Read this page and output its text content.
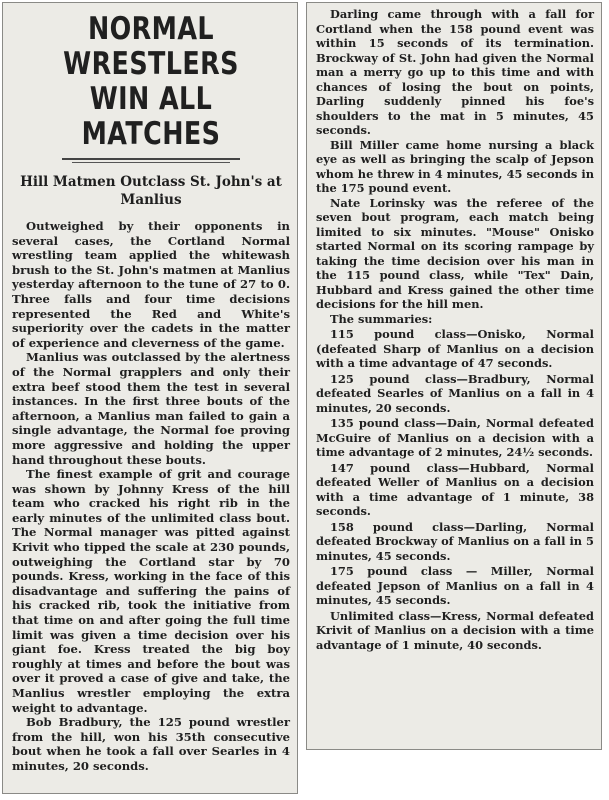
NORMAL WRESTLERS
WIN ALL MATCHES
Hill Matmen Outclass St. John's at Manlius

Outweighed by their opponents in several cases, the Cortland Normal wrestling team applied the whitewash brush to the St. John's matmen at Manlius yesterday afternoon to the tune of 27 to 0. Three falls and four time decisions represented the Red and White's superiority over the cadets in the matter of experience and cleverness of the game.

Manlius was outclassed by the alertness of the Normal grapplers and only their extra beef stood them the test in several instances. In the first three bouts of the afternoon, a Manlius man failed to gain a single advantage, the Normal foe proving more aggressive and holding the upper hand throughout these bouts.

The finest example of grit and courage was shown by Johnny Kress of the hill team who cracked his right rib in the early minutes of the unlimited class bout. The Normal manager was pitted against Krivit who tipped the scale at 230 pounds, outweighing the Cortland star by 70 pounds. Kress, working in the face of this disadvantage and suffering the pains of his cracked rib, took the initiative from that time on and after going the full time limit was given a time decision over his giant foe. Kress treated the big boy roughly at times and before the bout was over it proved a case of give and take, the Manlius wrestler employing the extra weight to advantage.

Bob Bradbury, the 125 pound wrestler from the hill, won his 35th consecutive bout when he took a fall over Searles in 4 minutes, 20 seconds.

Darling came through with a fall for Cortland when the 158 pound event was within 15 seconds of its termination. Brockway of St. John had given the Normal man a merry go up to this time and with chances of losing the bout on points, Darling suddenly pinned his foe's shoulders to the mat in 5 minutes, 45 seconds.

Bill Miller came home nursing a black eye as well as bringing the scalp of Jepson whom he threw in 4 minutes, 45 seconds in the 175 pound event.

Nate Lorinsky was the referee of the seven bout program, each match being limited to six minutes. "Mouse" Onisko started Normal on its scoring rampage by taking the time decision over his man in the 115 pound class, while "Tex" Dain, Hubbard and Kress gained the other time decisions for the hill men.

The summaries:

115 pound class—Onisko, Normal (defeated Sharp of Manlius on a decision with a time advantage of 47 seconds.

125 pound class—Bradbury, Normal defeated Searles of Manlius on a fall in 4 minutes, 20 seconds.

135 pound class—Dain, Normal defeated McGuire of Manlius on a decision with a time advantage of 2 minutes, 24½ seconds.

147 pound class—Hubbard, Normal defeated Weller of Manlius on a decision with a time advantage of 1 minute, 38 seconds.

158 pound class—Darling, Normal defeated Brockway of Manlius on a fall in 5 minutes, 45 seconds.

175 pound class — Miller, Normal defeated Jepson of Manlius on a fall in 4 minutes, 45 seconds.

Unlimited class—Kress, Normal defeated Krivit of Manlius on a decision with a time advantage of 1 minute, 40 seconds.
